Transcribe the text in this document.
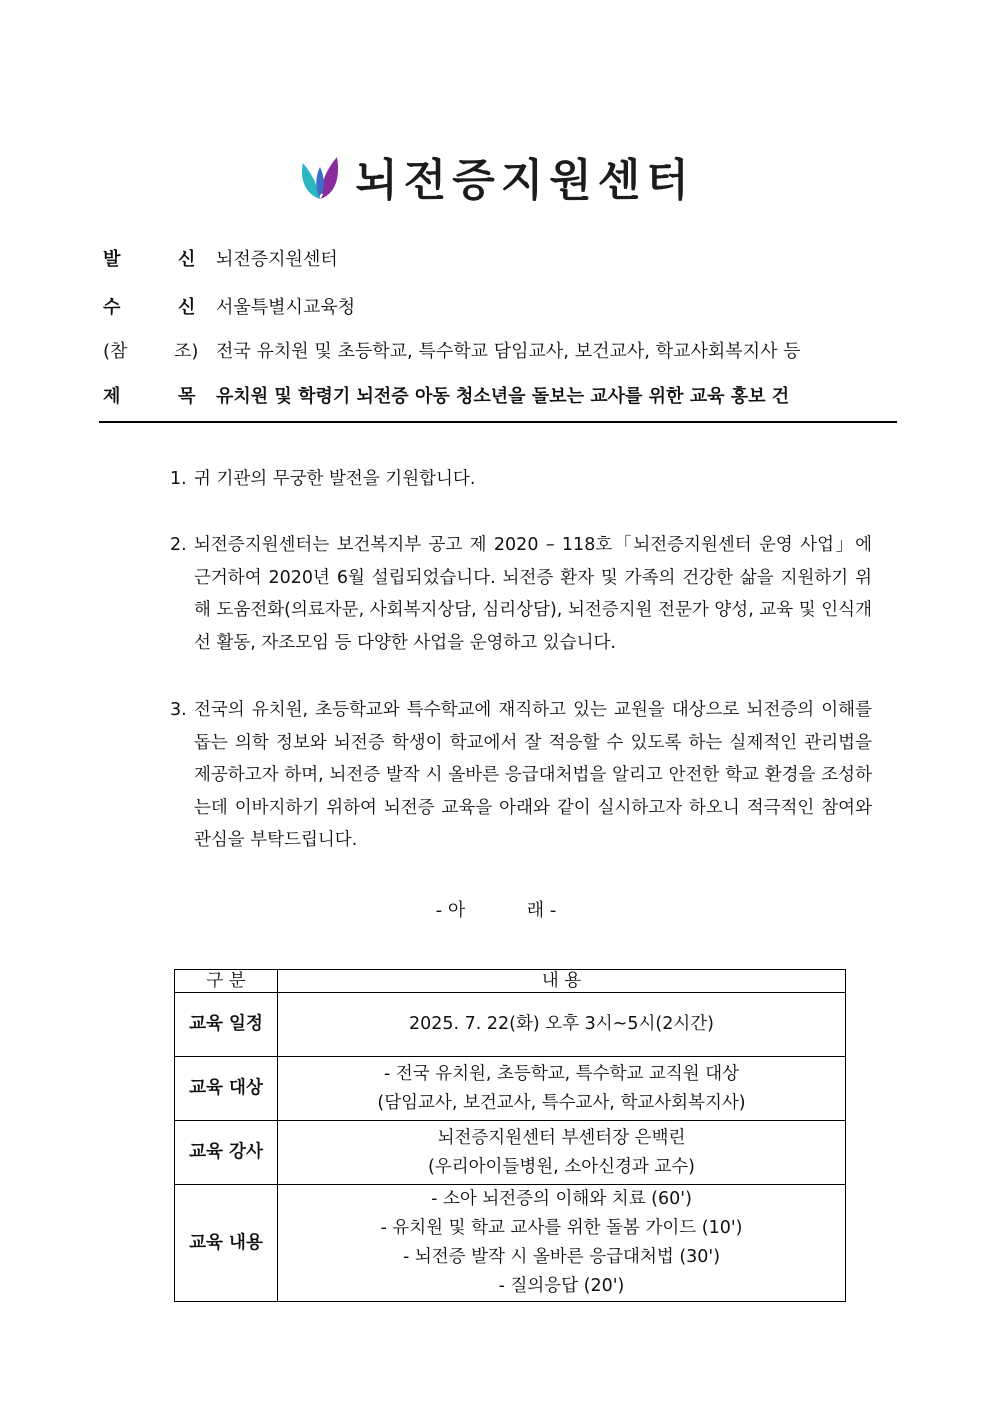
뇌전증지원센터
발	신 뇌전증지원센터
수	신 서울특별시교육청
(참	조) 전국 유치원 및 초등학교, 특수학교 담임교사, 보건교사, 학교사회복지사 등
제	목 유치원 및 학령기 뇌전증 아동 청소년을 돌보는 교사를 위한 교육 홍보 건
1. 귀 기관의 무궁한 발전을 기원합니다.
2. 뇌전증지원센터는 보건복지부 공고 제 2020 – 118호「뇌전증지원센터 운영 사업」에 근거하여 2020년 6월 설립되었습니다. 뇌전증 환자 및 가족의 건강한 삶을 지원하기 위해 도움전화(의료자문, 사회복지상담, 심리상담), 뇌전증지원 전문가 양성, 교육 및 인식개선 활동, 자조모임 등 다양한 사업을 운영하고 있습니다.
3. 전국의 유치원, 초등학교와 특수학교에 재직하고 있는 교원을 대상으로 뇌전증의 이해를 돕는 의학 정보와 뇌전증 학생이 학교에서 잘 적응할 수 있도록 하는 실제적인 관리법을 제공하고자 하며, 뇌전증 발작 시 올바른 응급대처법을 알리고 안전한 학교 환경을 조성하는데 이바지하기 위하여 뇌전증 교육을 아래와 같이 실시하고자 하오니 적극적인 참여와 관심을 부탁드립니다.
- 아	래 -
구 분	내 용
교육 일정	2025. 7. 22(화) 오후 3시~5시(2시간)

교육 대상	- 전국 유치원, 초등학교, 특수학교 교직원 대상
(담임교사, 보건교사, 특수교사, 학교사회복지사)

교육 강사	뇌전증지원센터 부센터장 은백린
(우리아이들병원, 소아신경과 교수)

교육 내용	- 소아 뇌전증의 이해와 치료 (60')
- 유치원 및 학교 교사를 위한 돌봄 가이드 (10')
- 뇌전증 발작 시 올바른 응급대처법 (30')
- 질의응답 (20')
